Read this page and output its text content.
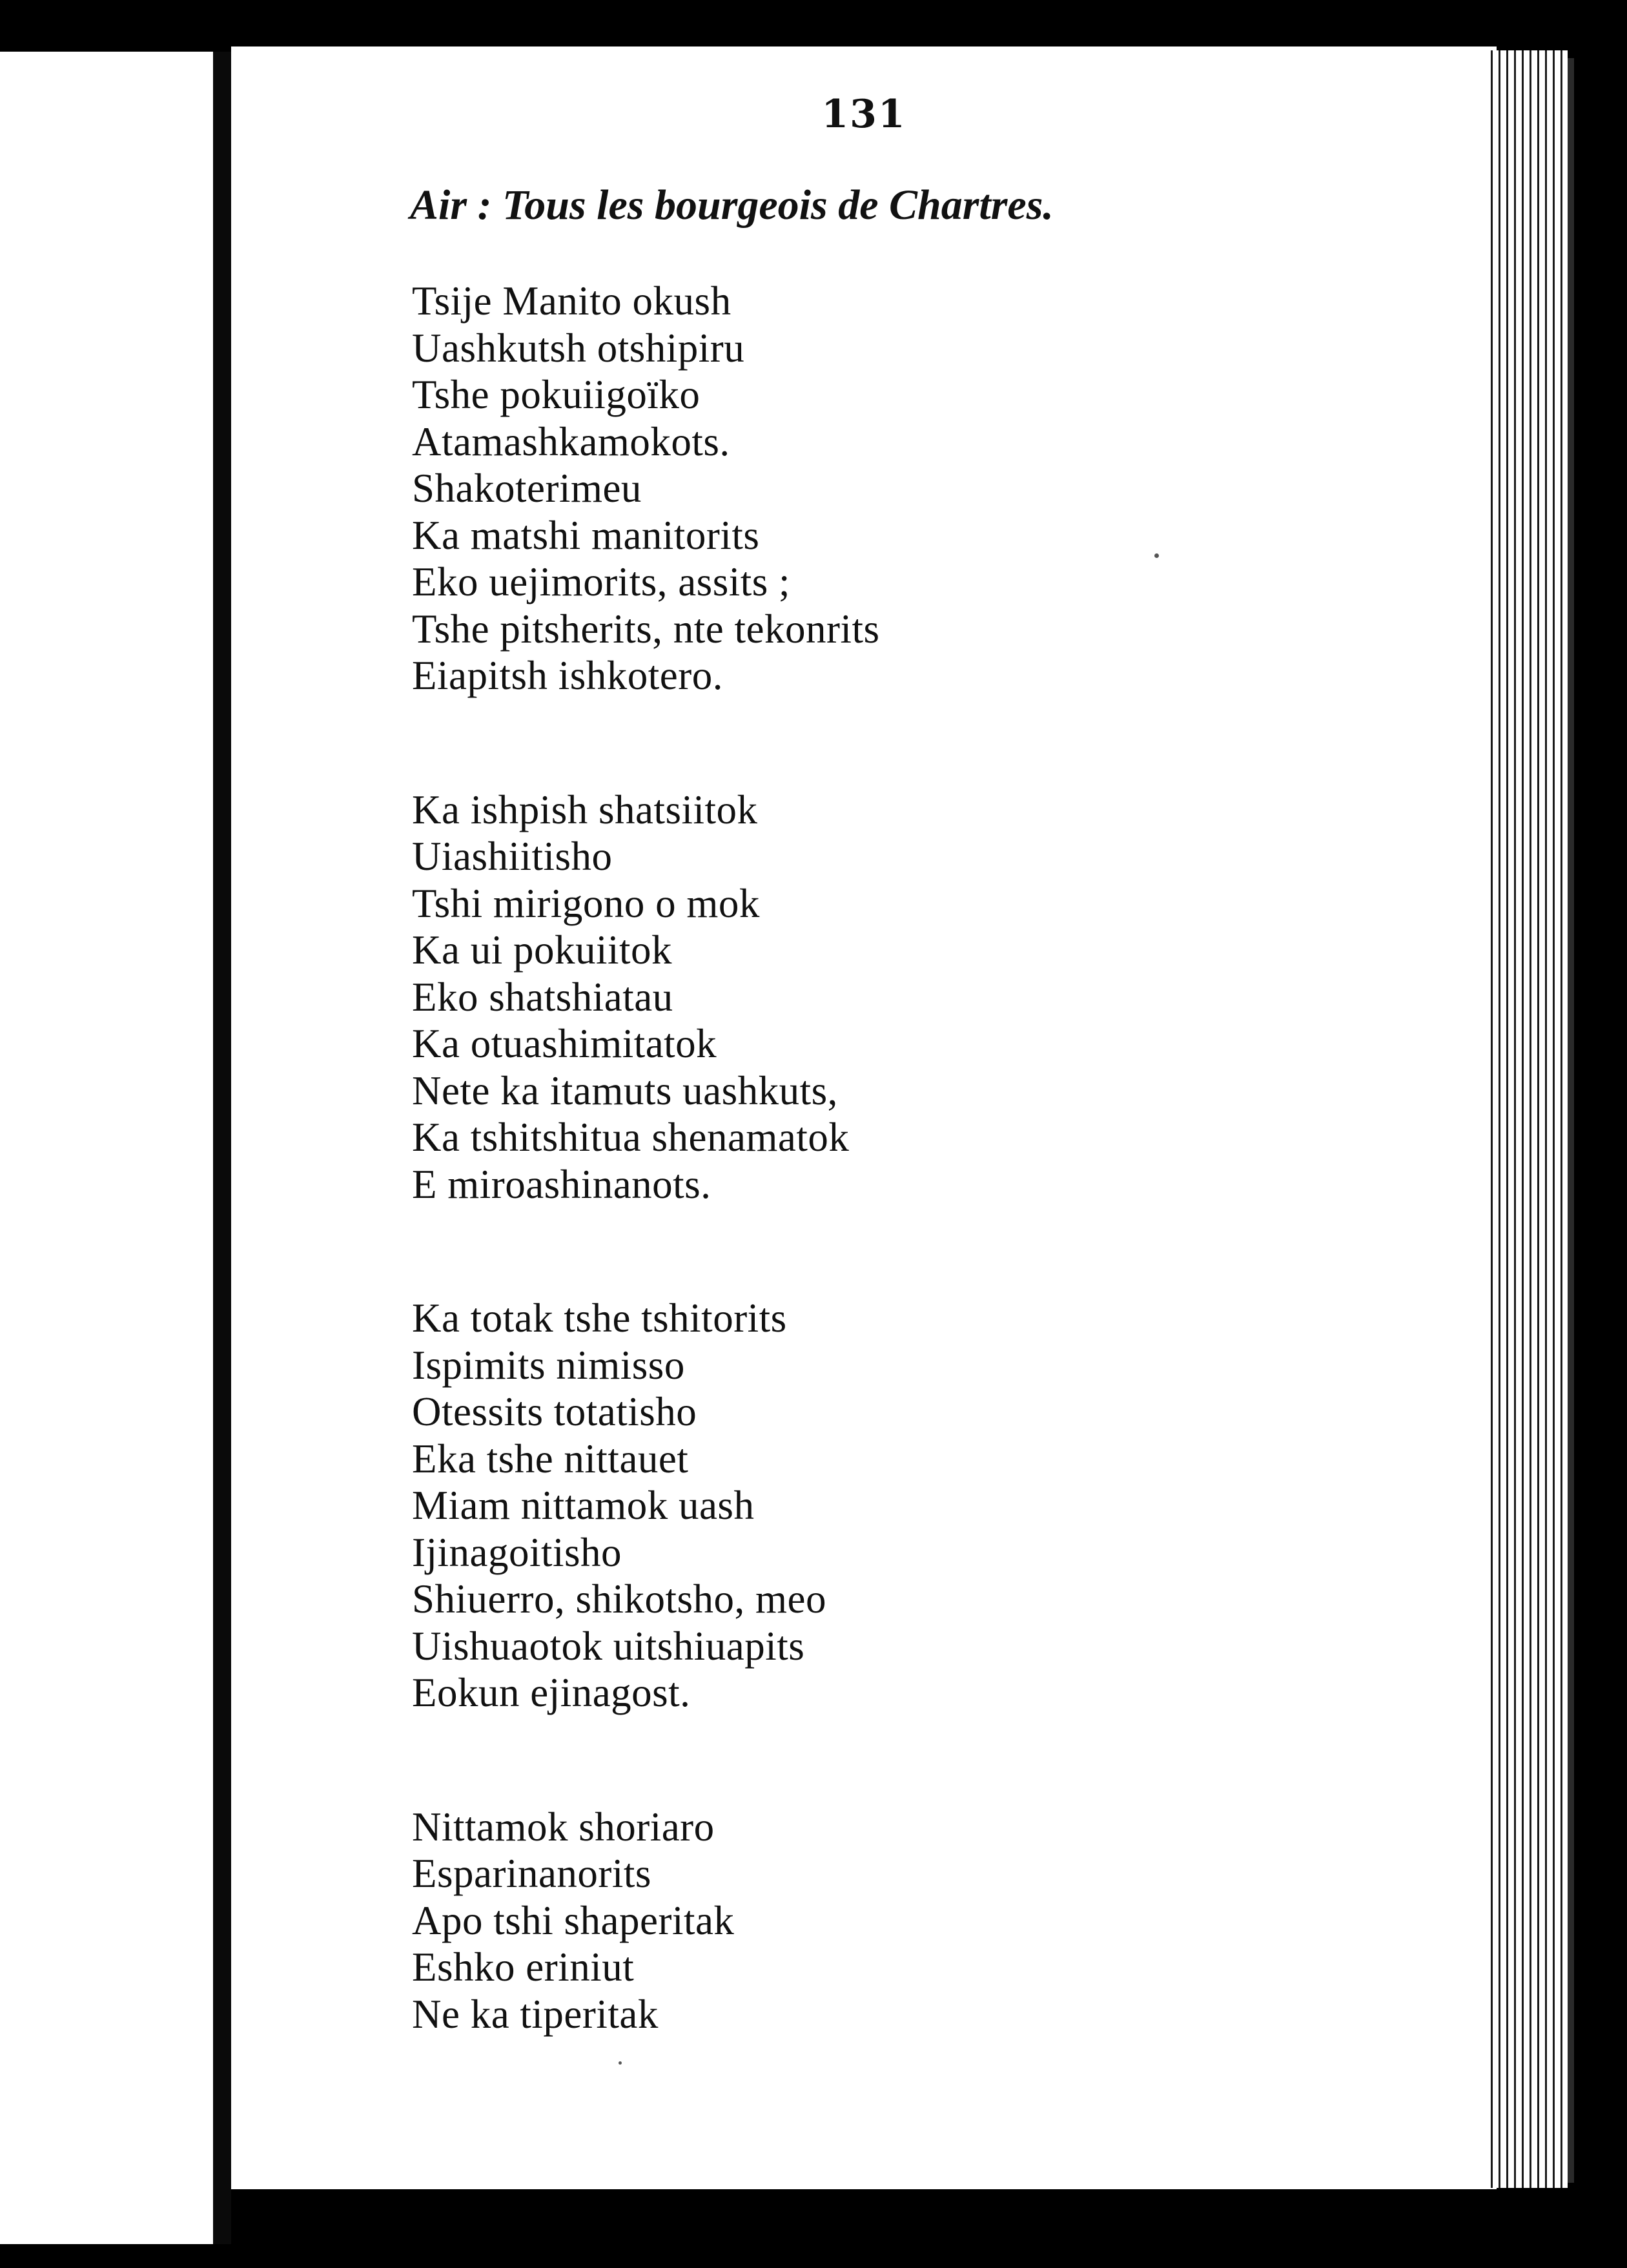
131
Air : Tous les bourgeois de Chartres.
Tsije Manito okush
Uashkutsh otshipiru
Tshe pokuiigoïko
Atamashkamokots.
Shakoterimeu
Ka matshi manitorits
Eko uejimorits, assits ;
Tshe pitsherits, nte tekonrits
Eiapitsh ishkotero.
Ka ishpish shatsiitok
Uiashiitisho
Tshi mirigono o mok
Ka ui pokuiitok
Eko shatshiatau
Ka otuashimitatok
Nete ka itamuts uashkuts,
Ka tshitshitua shenamatok
E miroashinanots.
Ka totak tshe tshitorits
Ispimits nimisso
Otessits totatisho
Eka tshe nittauet
Miam nittamok uash
Ijinagoitisho
Shiuerro, shikotsho, meo
Uishuaotok uitshiuapits
Eokun ejinagost.
Nittamok shoriaro
Esparinanorits
Apo tshi shaperitak
Eshko eriniut
Ne ka tiperitak
